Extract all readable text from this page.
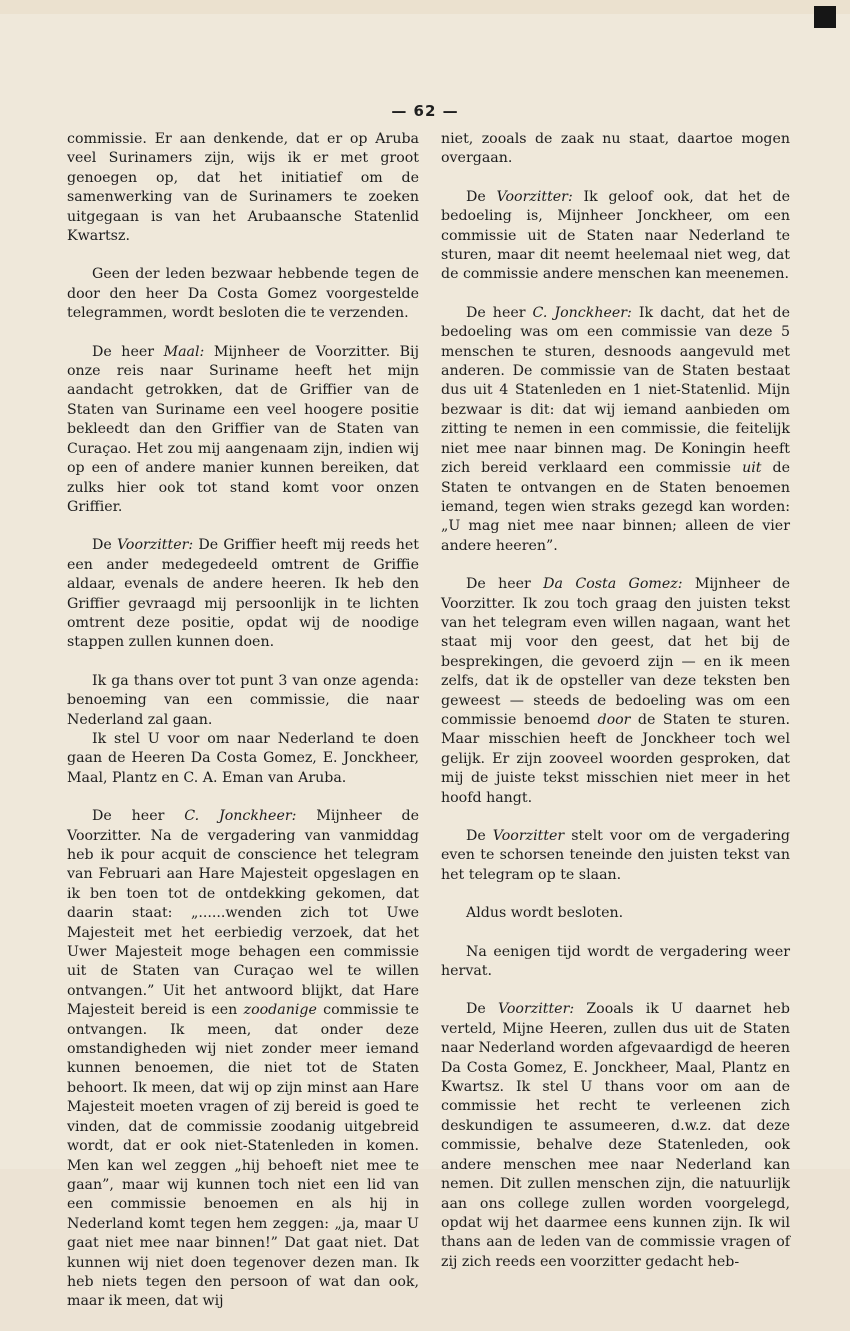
— 62 —

commissie. Er aan denkende, dat er op Aruba veel Surinamers zijn, wijs ik er met groot genoegen op, dat het initiatief om de samenwerking van de Surinamers te zoeken uitgegaan is van het Arubaansche Statenlid Kwartsz.

Geen der leden bezwaar hebbende tegen de door den heer Da Costa Gomez voorgestelde telegrammen, wordt besloten die te verzenden.

De heer Maal: Mijnheer de Voorzitter. Bij onze reis naar Suriname heeft het mijn aandacht getrokken, dat de Griffier van de Staten van Suriname een veel hoogere positie bekleedt dan den Griffier van de Staten van Curaçao. Het zou mij aangenaam zijn, indien wij op een of andere manier kunnen bereiken, dat zulks hier ook tot stand komt voor onzen Griffier.

De Voorzitter: De Griffier heeft mij reeds het een ander medegedeeld omtrent de Griffie aldaar, evenals de andere heeren. Ik heb den Griffier gevraagd mij persoonlijk in te lichten omtrent deze positie, opdat wij de noodige stappen zullen kunnen doen.

Ik ga thans over tot punt 3 van onze agenda: benoeming van een commissie, die naar Nederland zal gaan.

Ik stel U voor om naar Nederland te doen gaan de Heeren Da Costa Gomez, E. Jonckheer, Maal, Plantz en C. A. Eman van Aruba.

De heer C. Jonckheer: Mijnheer de Voorzitter. Na de vergadering van vanmiddag heb ik pour acquit de conscience het telegram van Februari aan Hare Majesteit opgeslagen en ik ben toen tot de ontdekking gekomen, dat daarin staat: „......wenden zich tot Uwe Majesteit met het eerbiedig verzoek, dat het Uwer Majesteit moge behagen een commissie uit de Staten van Curaçao wel te willen ontvangen.” Uit het antwoord blijkt, dat Hare Majesteit bereid is een zoodanige commissie te ontvangen. Ik meen, dat onder deze omstandigheden wij niet zonder meer iemand kunnen benoemen, die niet tot de Staten behoort. Ik meen, dat wij op zijn minst aan Hare Majesteit moeten vragen of zij bereid is goed te vinden, dat de commissie zoodanig uitgebreid wordt, dat er ook niet-Statenleden in komen. Men kan wel zeggen „hij behoeft niet mee te gaan”, maar wij kunnen toch niet een lid van een commissie benoemen en als hij in Nederland komt tegen hem zeggen: „ja, maar U gaat niet mee naar binnen!” Dat gaat niet. Dat kunnen wij niet doen tegenover dezen man. Ik heb niets tegen den persoon of wat dan ook, maar ik meen, dat wij

niet, zooals de zaak nu staat, daartoe mogen overgaan.

De Voorzitter: Ik geloof ook, dat het de bedoeling is, Mijnheer Jonckheer, om een commissie uit de Staten naar Nederland te sturen, maar dit neemt heelemaal niet weg, dat de commissie andere menschen kan meenemen.

De heer C. Jonckheer: Ik dacht, dat het de bedoeling was om een commissie van deze 5 menschen te sturen, desnoods aangevuld met anderen. De commissie van de Staten bestaat dus uit 4 Statenleden en 1 niet-Statenlid. Mijn bezwaar is dit: dat wij iemand aanbieden om zitting te nemen in een commissie, die feitelijk niet mee naar binnen mag. De Koningin heeft zich bereid verklaard een commissie uit de Staten te ontvangen en de Staten benoemen iemand, tegen wien straks gezegd kan worden: „U mag niet mee naar binnen; alleen de vier andere heeren”.

De heer Da Costa Gomez: Mijnheer de Voorzitter. Ik zou toch graag den juisten tekst van het telegram even willen nagaan, want het staat mij voor den geest, dat het bij de besprekingen, die gevoerd zijn — en ik meen zelfs, dat ik de opsteller van deze teksten ben geweest — steeds de bedoeling was om een commissie benoemd door de Staten te sturen. Maar misschien heeft de Jonckheer toch wel gelijk. Er zijn zooveel woorden gesproken, dat mij de juiste tekst misschien niet meer in het hoofd hangt.

De Voorzitter stelt voor om de vergadering even te schorsen teneinde den juisten tekst van het telegram op te slaan.

Aldus wordt besloten.

Na eenigen tijd wordt de vergadering weer hervat.

De Voorzitter: Zooals ik U daarnet heb verteld, Mijne Heeren, zullen dus uit de Staten naar Nederland worden afgevaardigd de heeren Da Costa Gomez, E. Jonckheer, Maal, Plantz en Kwartsz. Ik stel U thans voor om aan de commissie het recht te verleenen zich deskundigen te assumeeren, d.w.z. dat deze commissie, behalve deze Statenleden, ook andere menschen mee naar Nederland kan nemen. Dit zullen menschen zijn, die natuurlijk aan ons college zullen worden voorgelegd, opdat wij het daarmee eens kunnen zijn. Ik wil thans aan de leden van de commissie vragen of zij zich reeds een voorzitter gedacht heb-
